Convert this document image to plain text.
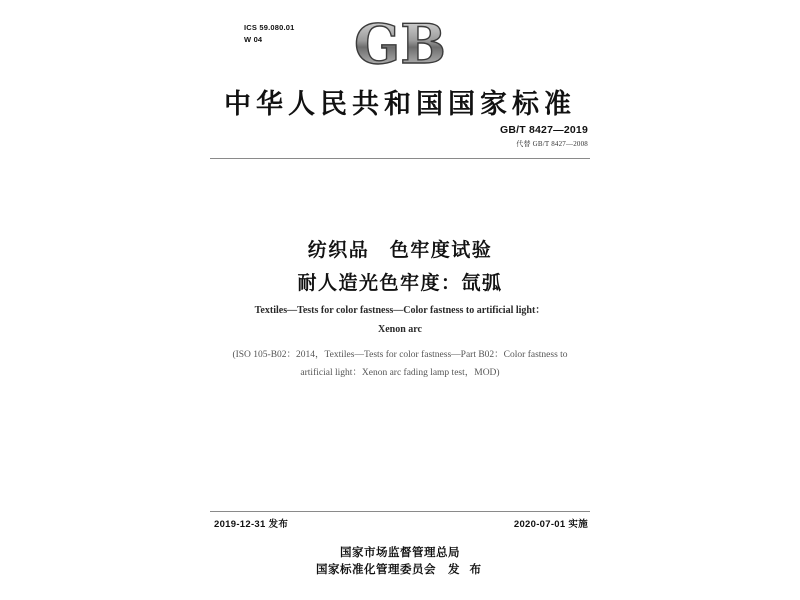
ICS 59.080.01
W 04	GB
中华人民共和国国家标准
GB/T 8427—2019
代替 GB/T 8427—2008
纺织品　色牢度试验
耐人造光色牢度：氙弧
Textiles—Tests for color fastness—Color fastness to artificial light：
Xenon arc
(ISO 105-B02：2014，Textiles—Tests for color fastness—Part B02：Color fastness to artificial light：Xenon arc fading lamp test，MOD)
2019-12-31 发布	2020-07-01 实施
国家市场监督管理总局
国家标准化管理委员会　 发 布
